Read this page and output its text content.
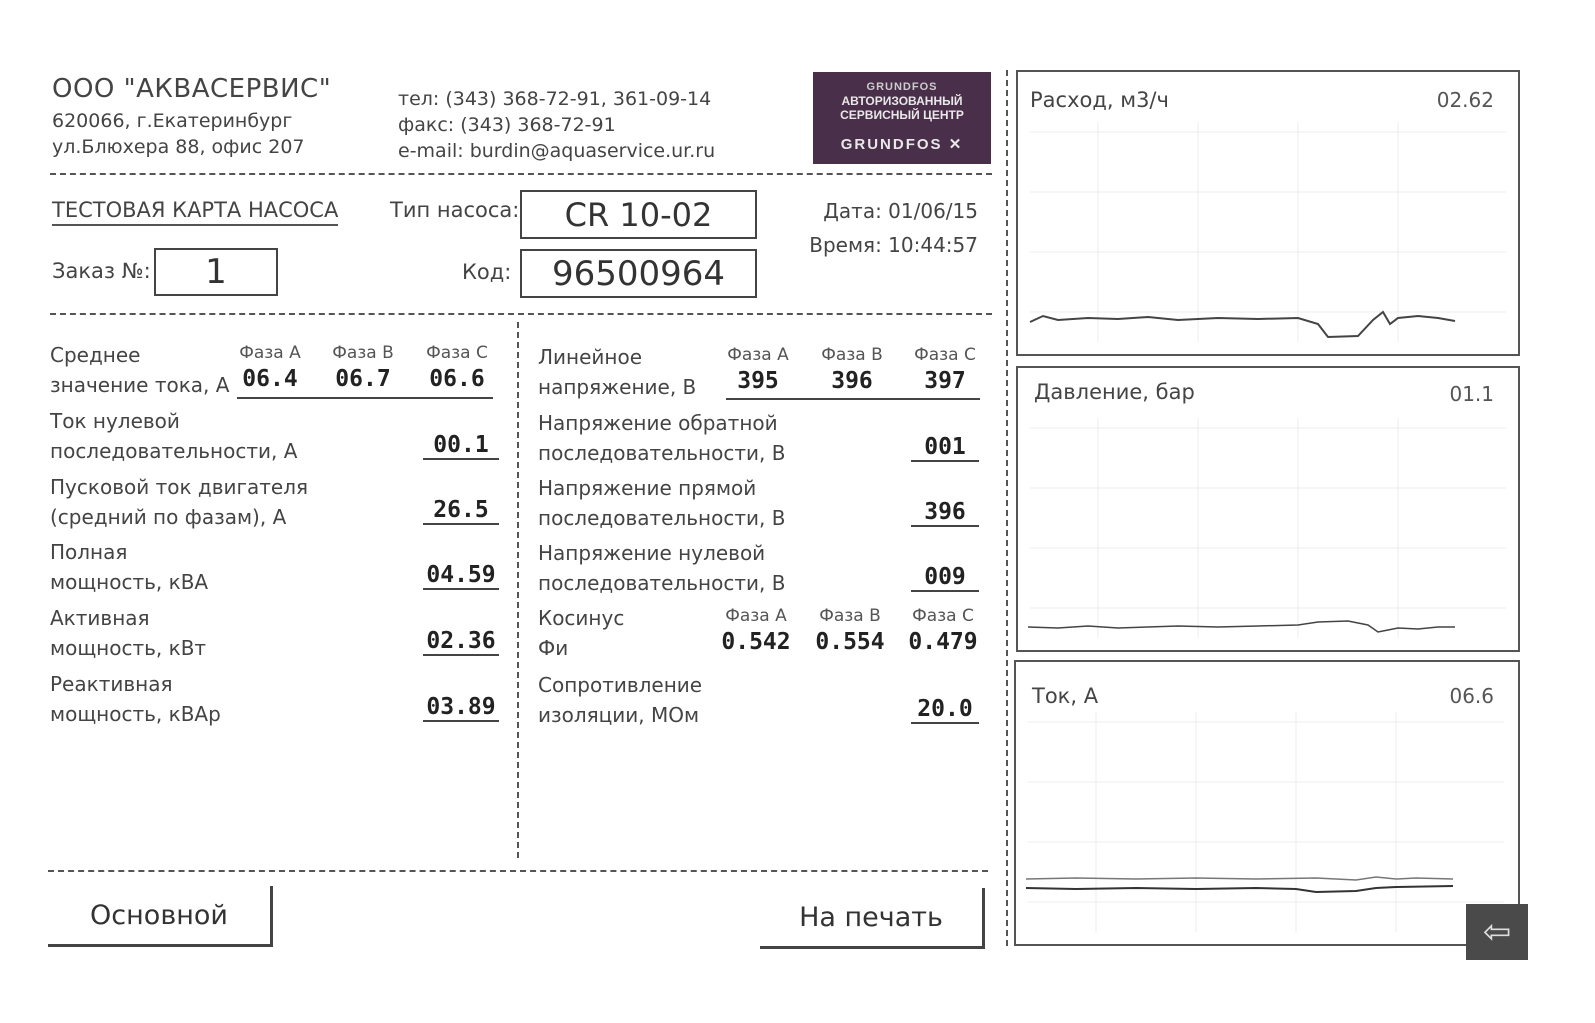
ООО "АКВАСЕРВИС"
620066, г.Екатеринбург
ул.Блюхера 88, офис 207
тел: (343) 368-72-91, 361-09-14
факс: (343) 368-72-91
e-mail: burdin@aquaservice.ur.ru
GRUNDFOS
АВТОРИЗОВАННЫЙ
СЕРВИСНЫЙ ЦЕНТР
GRUNDFOS ✕
ТЕСТОВАЯ КАРТА НАСОСА Тип насоса:	CR 10-02
Заказ №:	1	Код:	96500964
Дата: 01/06/15
Время: 10:44:57
Среднее
значение тока, А
Фаза А	Фаза В	Фаза С
06.4	06.7	06.6
Ток нулевой
последовательности, А	00.1
Пусковой ток двигателя
(средний по фазам), А	26.5
Полная
мощность, кВА	04.59
Активная
мощность, кВт	02.36
Реактивная
мощность, кВАр	03.89
Линейное
напряжение, В
Фаза А	Фаза В	Фаза С
395	396	397
Напряжение обратной
последовательности, В	001
Напряжение прямой
последовательности, В	396
Напряжение нулевой
последовательности, В	009
Косинус
Фи
Фаза А	Фаза В	Фаза С
0.542	0.554	0.479
Сопротивление
изоляции, МОм	20.0
Основной	На печать
Расход, м3/ч	02.62
Давление, бар	01.1
Ток, А	06.6
⇦
